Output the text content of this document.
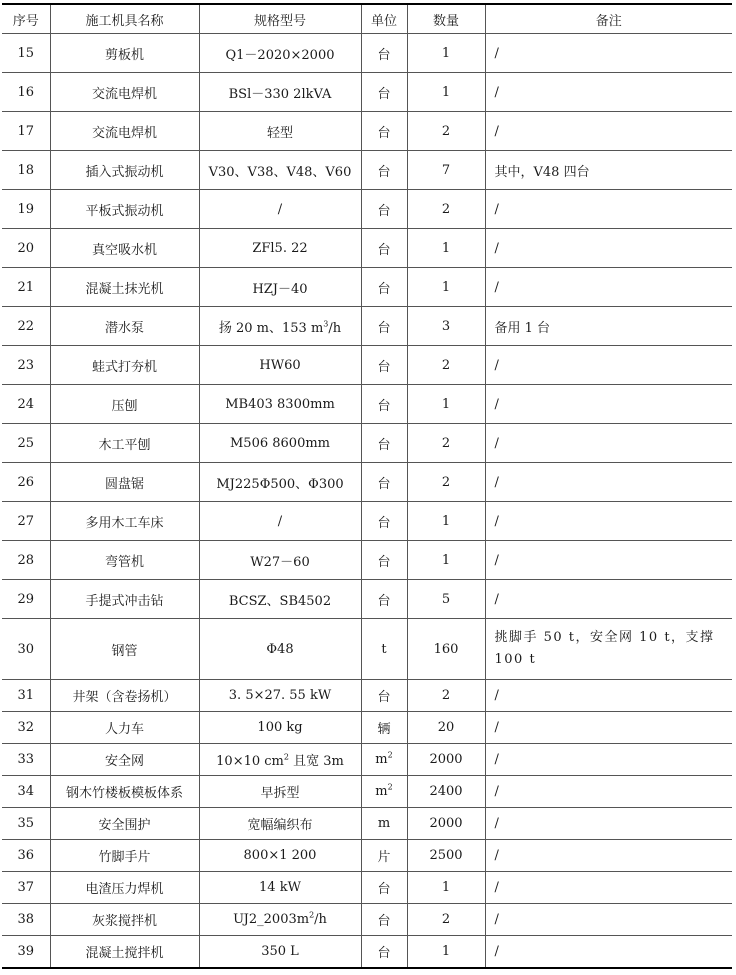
序号	施工机具名称	规格型号	单位	数量	备注
15	剪板机	Q1－2020×2000	台	1	/
16	交流电焊机	BSl－330 2lkVA	台	1	/
17	交流电焊机	轻型	台	2	/
18	插入式振动机	V30、V38、V48、V60	台	7	其中，V48 四台
19	平板式振动机	/	台	2	/
20	真空吸水机	ZFl5. 22	台	1	/
21	混凝土抹光机	HZJ－40	台	1	/
22	潜水泵	扬 20 m、153 $m^3/h$	台	3	备用 1 台
23	蛙式打夯机	HW60	台	2	/
24	压刨	MB403 8300mm	台	1	/
25	木工平刨	M506 8600mm	台	2	/
26	圆盘锯	MJ225Φ500、Φ300	台	2	/
27	多用木工车床	/	台	1	/
28	弯管机	W27－60	台	1	/
29	手提式冲击钻	BCSZ、SB4502	台	5	/
30	钢管	Φ48	t	160	挑脚手 50 t，安全网 10 t，支撑 100 t
31	井架（含卷扬机）	3. 5×27. 55 kW	台	2	/
32	人力车	100 kg	辆	20	/
33	安全网	10×10 $cm^2$ 且宽 3m	$m^2$	2000	/
34	钢木竹楼板模板体系	早拆型	$m^2$	2400	/
35	安全围护	宽幅编织布	m	2000	/
36	竹脚手片	800×1 200	片	2500	/
37	电渣压力焊机	14 kW	台	1	/
38	灰浆搅拌机	$UJ2\_2003m^2/h$	台	2	/
39	混凝土搅拌机	350 L	台	1	/
